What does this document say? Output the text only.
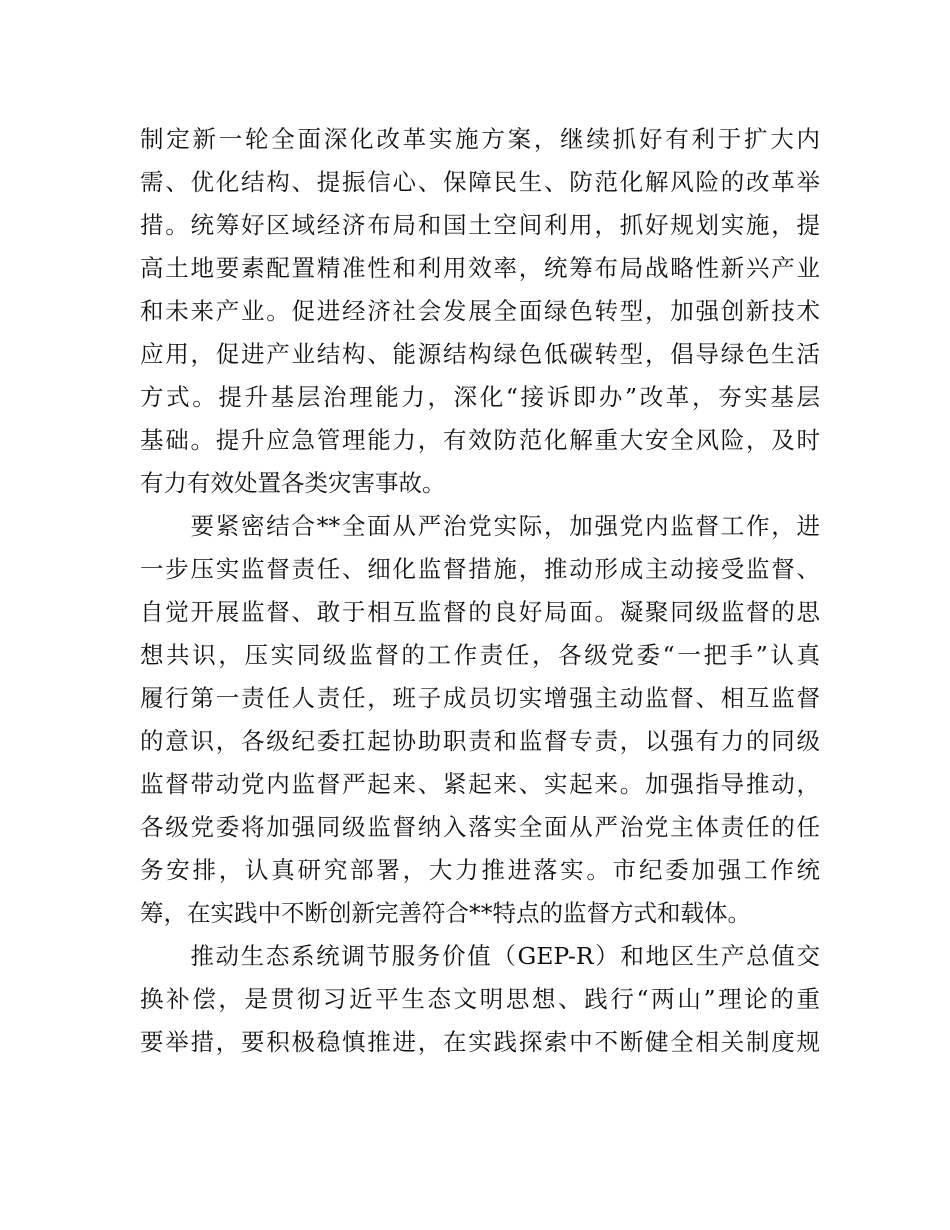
制定新一轮全面深化改革实施方案，继续抓好有利于扩大内
需、优化结构、提振信心、保障民生、防范化解风险的改革举
措。统筹好区域经济布局和国土空间利用，抓好规划实施，提
高土地要素配置精准性和利用效率，统筹布局战略性新兴产业
和未来产业。促进经济社会发展全面绿色转型，加强创新技术
应用，促进产业结构、能源结构绿色低碳转型，倡导绿色生活
方式。提升基层治理能力，深化“接诉即办”改革，夯实基层
基础。提升应急管理能力，有效防范化解重大安全风险，及时
有力有效处置各类灾害事故。
　　要紧密结合**全面从严治党实际，加强党内监督工作，进
一步压实监督责任、细化监督措施，推动形成主动接受监督、
自觉开展监督、敢于相互监督的良好局面。凝聚同级监督的思
想共识，压实同级监督的工作责任，各级党委“一把手”认真
履行第一责任人责任，班子成员切实增强主动监督、相互监督
的意识，各级纪委扛起协助职责和监督专责，以强有力的同级
监督带动党内监督严起来、紧起来、实起来。加强指导推动，
各级党委将加强同级监督纳入落实全面从严治党主体责任的任
务安排，认真研究部署，大力推进落实。市纪委加强工作统
筹，在实践中不断创新完善符合**特点的监督方式和载体。
　　推动生态系统调节服务价值（GEP-R）和地区生产总值交
换补偿，是贯彻习近平生态文明思想、践行“两山”理论的重
要举措，要积极稳慎推进，在实践探索中不断健全相关制度规
